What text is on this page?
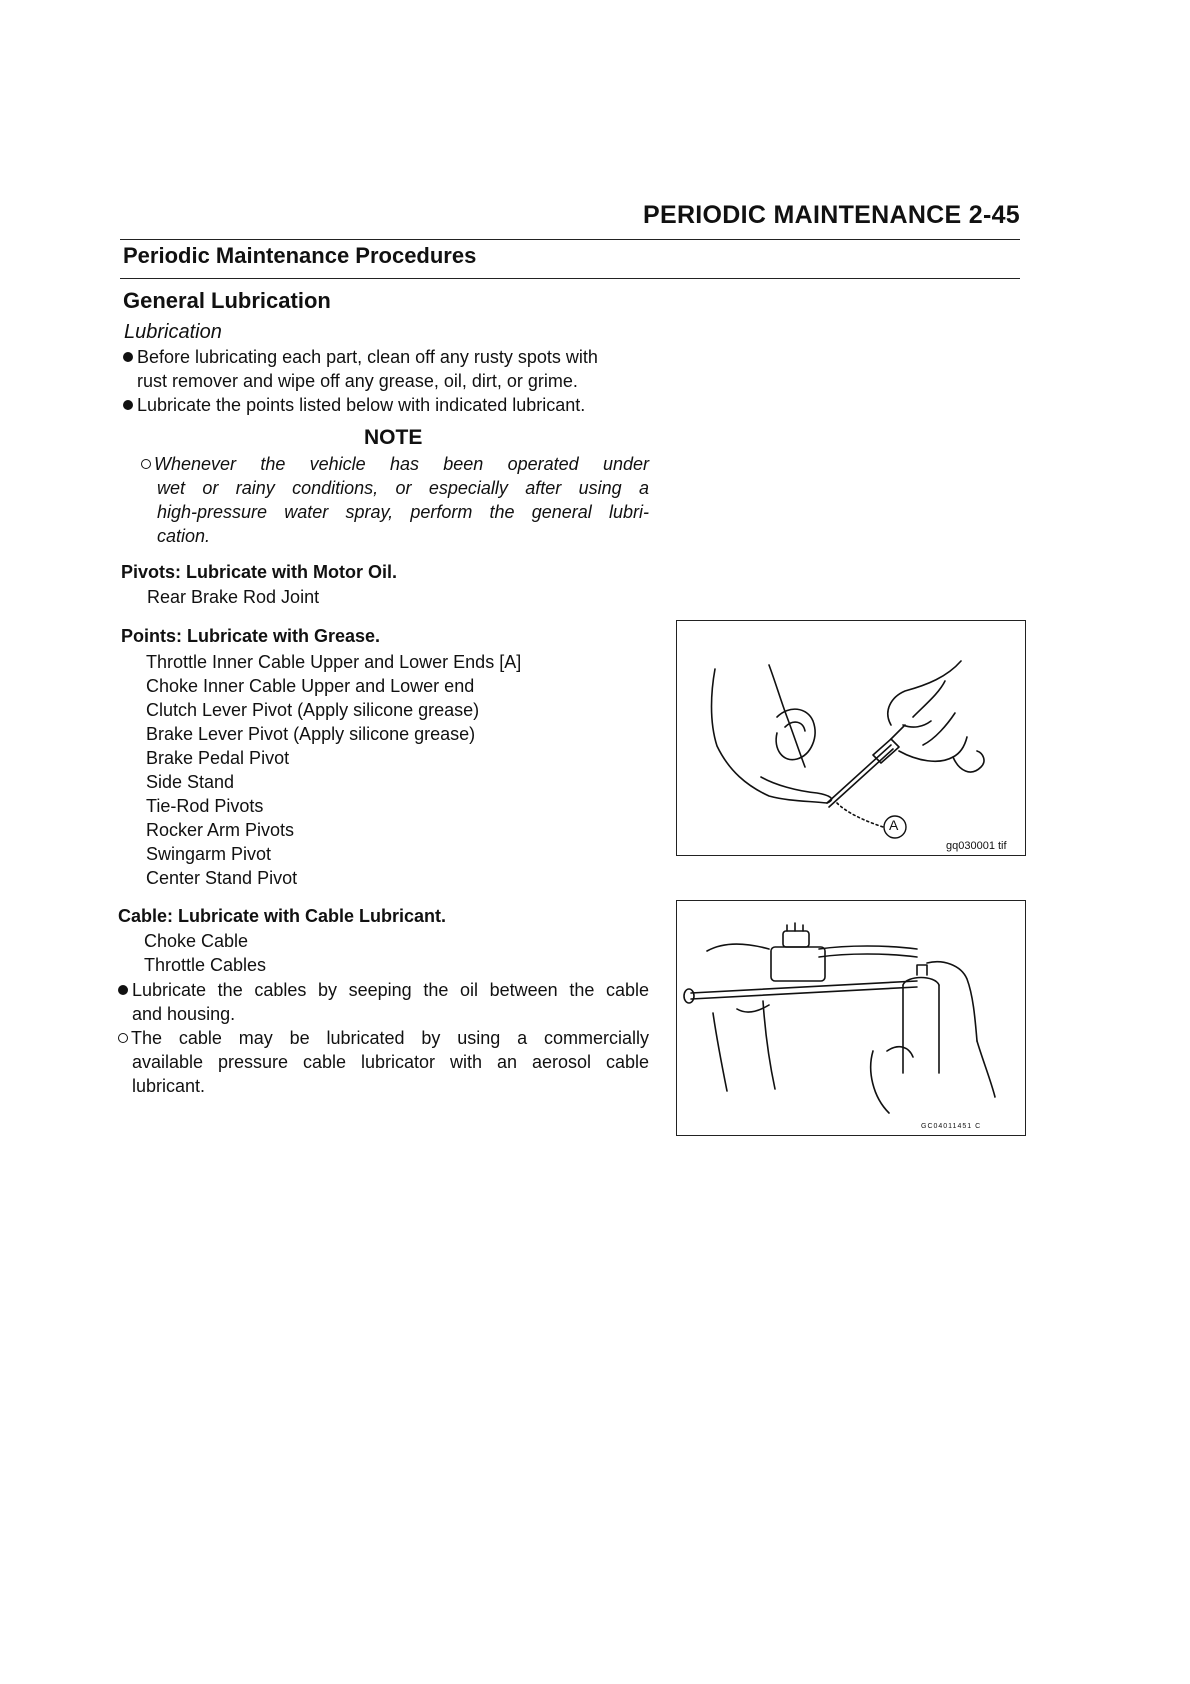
PERIODIC MAINTENANCE 2-45
Periodic Maintenance Procedures
General Lubrication
Lubrication
Before lubricating each part, clean off any rusty spots with
rust remover and wipe off any grease, oil, dirt, or grime.
Lubricate the points listed below with indicated lubricant.
NOTE
Whenever the vehicle has been operated under
wet or rainy conditions, or especially after using a
high-pressure water spray, perform the general lubri-
cation.
Pivots: Lubricate with Motor Oil.
Rear Brake Rod Joint
Points: Lubricate with Grease.
Throttle Inner Cable Upper and Lower Ends [A]
Choke Inner Cable Upper and Lower end
Clutch Lever Pivot (Apply silicone grease)
Brake Lever Pivot (Apply silicone grease)
Brake Pedal Pivot
Side Stand
Tie-Rod Pivots
Rocker Arm Pivots
Swingarm Pivot
Center Stand Pivot
Cable: Lubricate with Cable Lubricant.
Choke Cable
Throttle Cables
Lubricate the cables by seeping the oil between the cable
and housing.
The cable may be lubricated by using a commercially
available pressure cable lubricator with an aerosol cable
lubricant.
A
gq030001 tif
GC04011451 C
